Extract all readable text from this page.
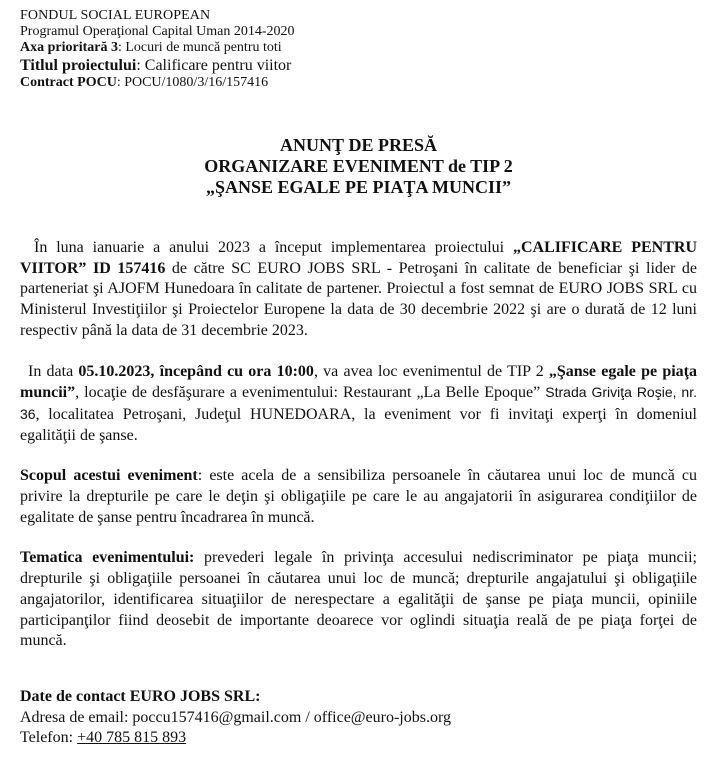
FONDUL SOCIAL EUROPEAN
Programul Operaţional Capital Uman 2014-2020
Axa prioritară 3: Locuri de muncă pentru toti
Titlul proiectului: Calificare pentru viitor
Contract POCU: POCU/1080/3/16/157416
ANUNŢ DE PRESĂ
ORGANIZARE EVENIMENT de TIP 2
„ŞANSE EGALE PE PIAŢA MUNCII”

În luna ianuarie a anului 2023 a început implementarea proiectului „CALIFICARE PENTRU VIITOR” ID 157416 de către SC EURO JOBS SRL - Petroşani în calitate de beneficiar şi lider de parteneriat şi AJOFM Hunedoara în calitate de partener. Proiectul a fost semnat de EURO JOBS SRL cu Ministerul Investiţiilor şi Proiectelor Europene la data de 30 decembrie 2022 şi are o durată de 12 luni respectiv până la data de 31 decembrie 2023.

In data 05.10.2023, începând cu ora 10:00, va avea loc evenimentul de TIP 2 „Şanse egale pe piaţa muncii”, locaţie de desfăşurare a evenimentului: Restaurant „La Belle Epoque” Strada Griviţa Roşie, nr. 36, localitatea Petroşani, Judeţul HUNEDOARA, la eveniment vor fi invitaţi experţi în domeniul egalităţii de şanse.

Scopul acestui eveniment: este acela de a sensibiliza persoanele în căutarea unui loc de muncă cu privire la drepturile pe care le deţin şi obligaţiile pe care le au angajatorii în asigurarea condiţiilor de egalitate de şanse pentru încadrarea în muncă.

Tematica evenimentului: prevederi legale în privinţa accesului nediscriminator pe piaţa muncii; drepturile şi obligaţiile persoanei în căutarea unui loc de muncă; drepturile angajatului şi obligaţiile angajatorilor, identificarea situaţiilor de nerespectare a egalităţii de şanse pe piaţa muncii, opiniile participanţilor fiind deosebit de importante deoarece vor oglindi situaţia reală de pe piaţa forţei de muncă.

Date de contact EURO JOBS SRL:
Adresa de email: poccu157416@gmail.com / office@euro-jobs.org
Telefon: +40 785 815 893
